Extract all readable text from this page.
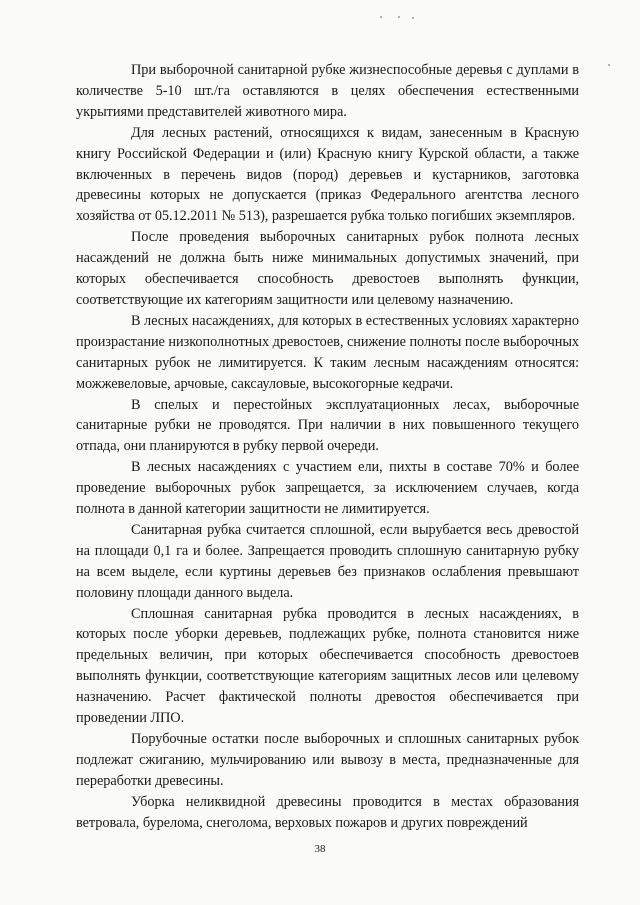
При выборочной санитарной рубке жизнеспособные деревья с дуплами в количестве 5-10 шт./га оставляются в целях обеспечения естественными укрытиями представителей животного мира.

Для лесных растений, относящихся к видам, занесенным в Красную книгу Российской Федерации и (или) Красную книгу Курской области, а также включенных в перечень видов (пород) деревьев и кустарников, заготовка древесины которых не допускается (приказ Федерального агентства лесного хозяйства от 05.12.2011 № 513), разрешается рубка только погибших экземпляров.

После проведения выборочных санитарных рубок полнота лесных насаждений не должна быть ниже минимальных допустимых значений, при которых обеспечивается способность древостоев выполнять функции, соответствующие их категориям защитности или целевому назначению.

В лесных насаждениях, для которых в естественных условиях характерно произрастание низкополнотных древостоев, снижение полноты после выборочных санитарных рубок не лимитируется. К таким лесным насаждениям относятся: можжевеловые, арчовые, саксауловые, высокогорные кедрачи.

В спелых и перестойных эксплуатационных лесах, выборочные санитарные рубки не проводятся. При наличии в них повышенного текущего отпада, они планируются в рубку первой очереди.

В лесных насаждениях с участием ели, пихты в составе 70% и более проведение выборочных рубок запрещается, за исключением случаев, когда полнота в данной категории защитности не лимитируется.

Санитарная рубка считается сплошной, если вырубается весь древостой на площади 0,1 га и более. Запрещается проводить сплошную санитарную рубку на всем выделе, если куртины деревьев без признаков ослабления превышают половину площади данного выдела.

Сплошная санитарная рубка проводится в лесных насаждениях, в которых после уборки деревьев, подлежащих рубке, полнота становится ниже предельных величин, при которых обеспечивается способность древостоев выполнять функции, соответствующие категориям защитных лесов или целевому назначению. Расчет фактической полноты древостоя обеспечивается при проведении ЛПО.

Порубочные остатки после выборочных и сплошных санитарных рубок подлежат сжиганию, мульчированию или вывозу в места, предназначенные для переработки древесины.

Уборка неликвидной древесины проводится в местах образования ветровала, бурелома, снеголома, верховых пожаров и других повреждений

38
